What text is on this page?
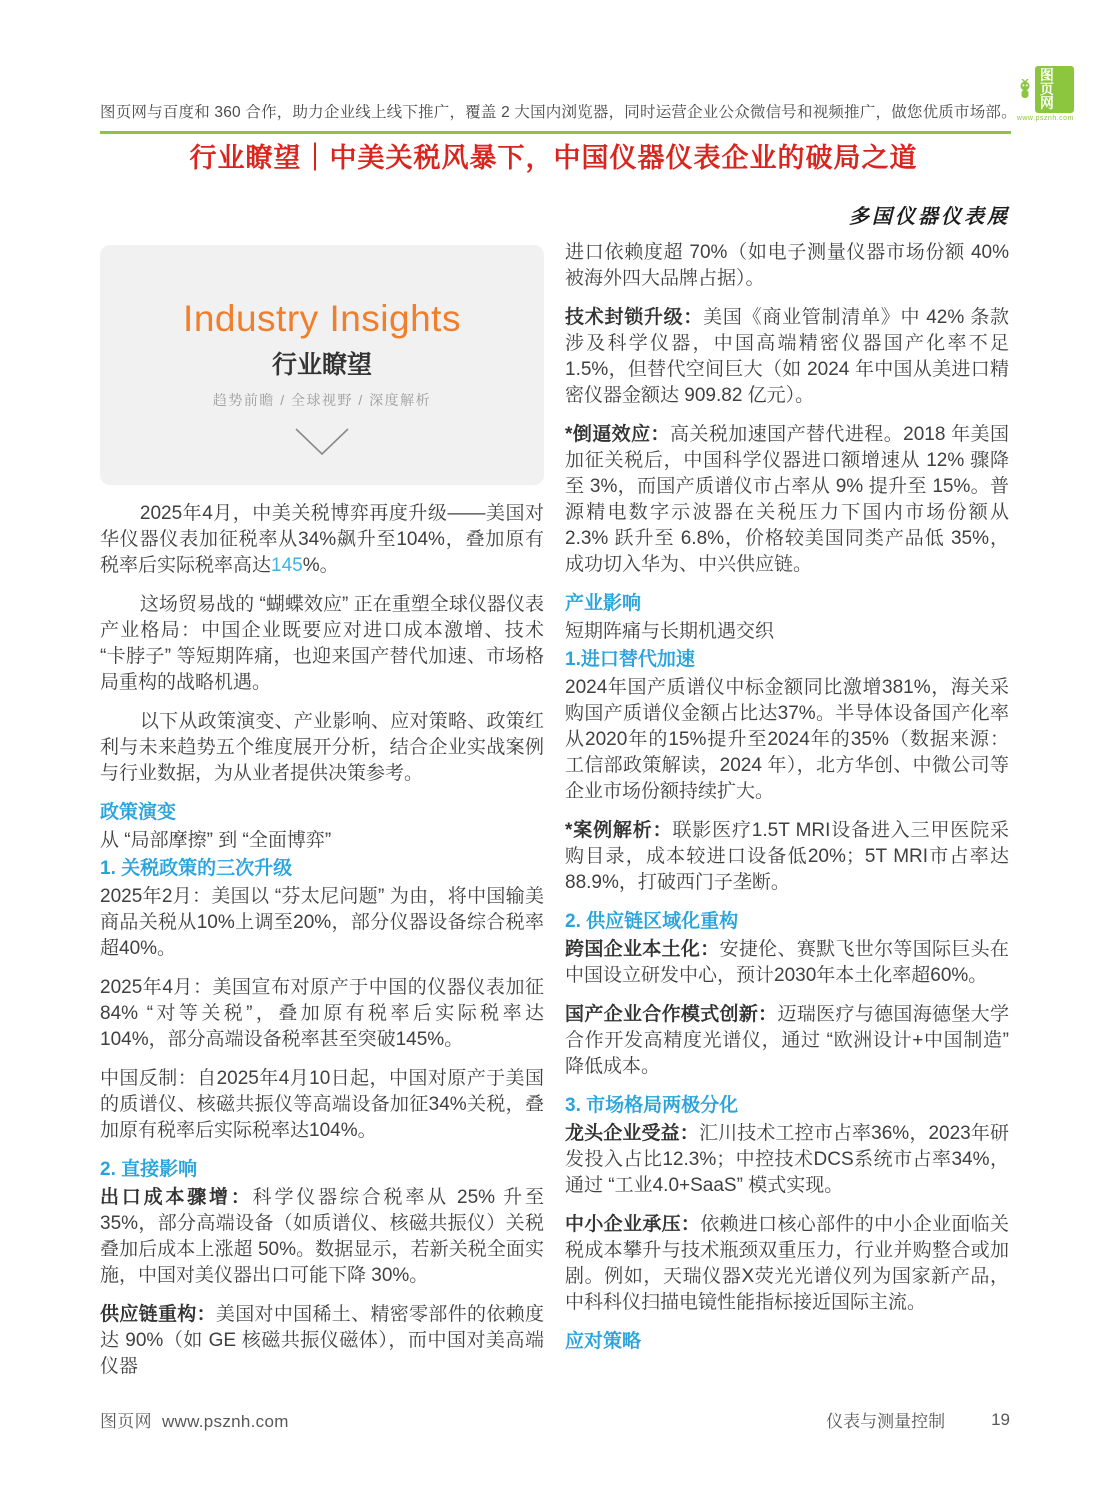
图页网与百度和 360 合作，助力企业线上线下推广，覆盖 2 大国内浏览器，同时运营企业公众微信号和视频推广，做您优质市场部。
图页网
www.psznh.com
行业瞭望｜中美关税风暴下，中国仪器仪表企业的破局之道
多国仪器仪表展
Industry Insights
行业瞭望
趋势前瞻 / 全球视野 / 深度解析

2025年4月，中美关税博弈再度升级——美国对华仪器仪表加征税率从34%飙升至104%，叠加原有税率后实际税率高达145%。

这场贸易战的 “蝴蝶效应” 正在重塑全球仪器仪表产业格局：中国企业既要应对进口成本激增、技术 “卡脖子” 等短期阵痛，也迎来国产替代加速、市场格局重构的战略机遇。

以下从政策演变、产业影响、应对策略、政策红利与未来趋势五个维度展开分析，结合企业实战案例与行业数据，为从业者提供决策参考。

政策演变
从 “局部摩擦” 到 “全面博弈”
1. 关税政策的三次升级

2025年2月：美国以 “芬太尼问题” 为由，将中国输美商品关税从10%上调至20%，部分仪器设备综合税率超40%。

2025年4月：美国宣布对原产于中国的仪器仪表加征84% “对等关税”，叠加原有税率后实际税率达104%，部分高端设备税率甚至突破145%。

中国反制：自2025年4月10日起，中国对原产于美国的质谱仪、核磁共振仪等高端设备加征34%关税，叠加原有税率后实际税率达104%。

2. 直接影响

出口成本骤增：科学仪器综合税率从 25% 升至 35%，部分高端设备（如质谱仪、核磁共振仪）关税叠加后成本上涨超 50%。数据显示，若新关税全面实施，中国对美仪器出口可能下降 30%。

供应链重构：美国对中国稀土、精密零部件的依赖度达 90%（如 GE 核磁共振仪磁体），而中国对美高端仪器

进口依赖度超 70%（如电子测量仪器市场份额 40% 被海外四大品牌占据）。

技术封锁升级：美国《商业管制清单》中 42% 条款涉及科学仪器，中国高端精密仪器国产化率不足 1.5%，但替代空间巨大（如 2024 年中国从美进口精密仪器金额达 909.82 亿元）。

*倒逼效应：高关税加速国产替代进程。2018 年美国加征关税后，中国科学仪器进口额增速从 12% 骤降至 3%，而国产质谱仪市占率从 9% 提升至 15%。普源精电数字示波器在关税压力下国内市场份额从 2.3% 跃升至 6.8%，价格较美国同类产品低 35%，成功切入华为、中兴供应链。

产业影响
短期阵痛与长期机遇交织
1.进口替代加速

2024年国产质谱仪中标金额同比激增381%，海关采购国产质谱仪金额占比达37%。半导体设备国产化率从2020年的15%提升至2024年的35%（数据来源：工信部政策解读，2024 年），北方华创、中微公司等企业市场份额持续扩大。

*案例解析：联影医疗1.5T MRI设备进入三甲医院采购目录，成本较进口设备低20%；5T MRI市占率达88.9%，打破西门子垄断。

2. 供应链区域化重构

跨国企业本土化：安捷伦、赛默飞世尔等国际巨头在中国设立研发中心，预计2030年本土化率超60%。

国产企业合作模式创新：迈瑞医疗与德国海德堡大学合作开发高精度光谱仪，通过 “欧洲设计+中国制造” 降低成本。

3. 市场格局两极分化

龙头企业受益：汇川技术工控市占率36%，2023年研发投入占比12.3%；中控技术DCS系统市占率34%，通过 “工业4.0+SaaS” 模式实现。

中小企业承压：依赖进口核心部件的中小企业面临关税成本攀升与技术瓶颈双重压力，行业并购整合或加剧。例如，天瑞仪器X荧光光谱仪列为国家新产品，中科科仪扫描电镜性能指标接近国际主流。

应对策略
图页网 www.psznh.com	仪表与测量控制	19
